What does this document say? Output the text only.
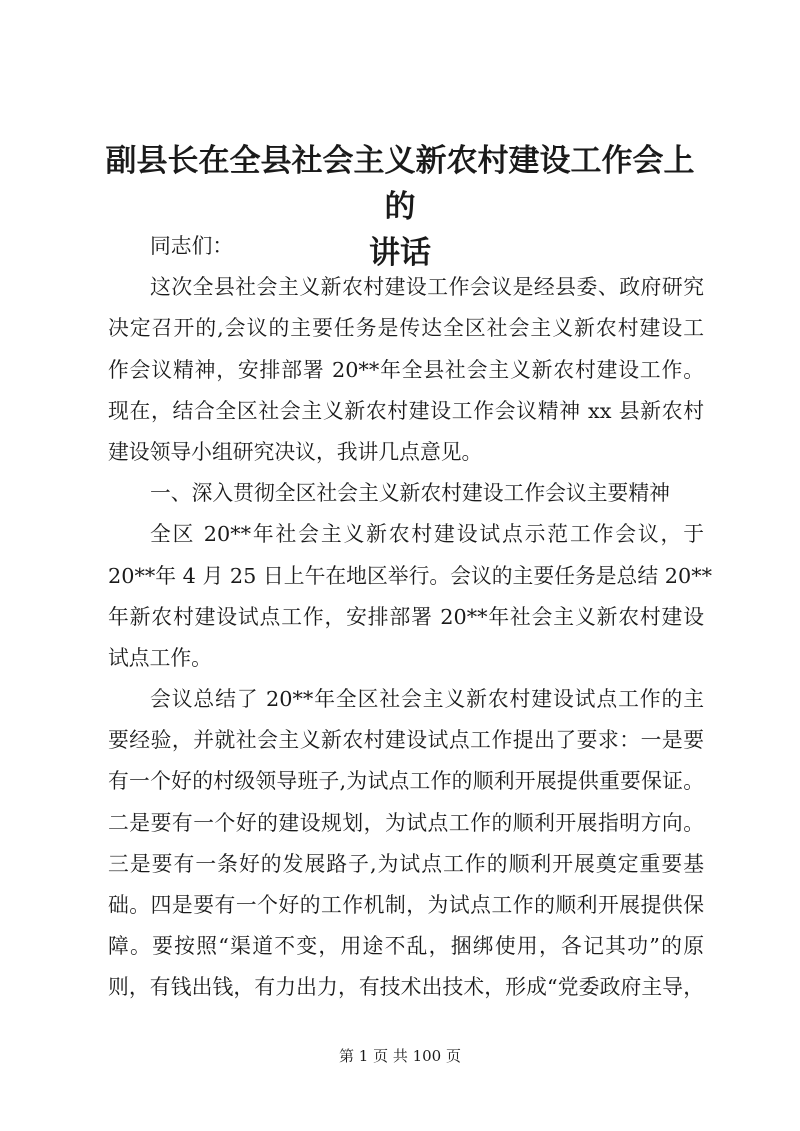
副县长在全县社会主义新农村建设工作会上的
讲话
同志们：
这次全县社会主义新农村建设工作会议是经县委、政府研究
决定召开的,会议的主要任务是传达全区社会主义新农村建设工
作会议精神，安排部署 20**年全县社会主义新农村建设工作。
现在，结合全区社会主义新农村建设工作会议精神 xx 县新农村
建设领导小组研究决议，我讲几点意见。
一、深入贯彻全区社会主义新农村建设工作会议主要精神
全区 20**年社会主义新农村建设试点示范工作会议，于
20**年 4 月 25 日上午在地区举行。会议的主要任务是总结 20**
年新农村建设试点工作，安排部署 20**年社会主义新农村建设
试点工作。
会议总结了 20**年全区社会主义新农村建设试点工作的主
要经验，并就社会主义新农村建设试点工作提出了要求：一是要
有一个好的村级领导班子,为试点工作的顺利开展提供重要保证。
二是要有一个好的建设规划，为试点工作的顺利开展指明方向。
三是要有一条好的发展路子,为试点工作的顺利开展奠定重要基
础。四是要有一个好的工作机制，为试点工作的顺利开展提供保
障。要按照“渠道不变，用途不乱，捆绑使用，各记其功”的原
则，有钱出钱，有力出力，有技术出技术，形成“党委政府主导，
第 1 页 共 100 页
